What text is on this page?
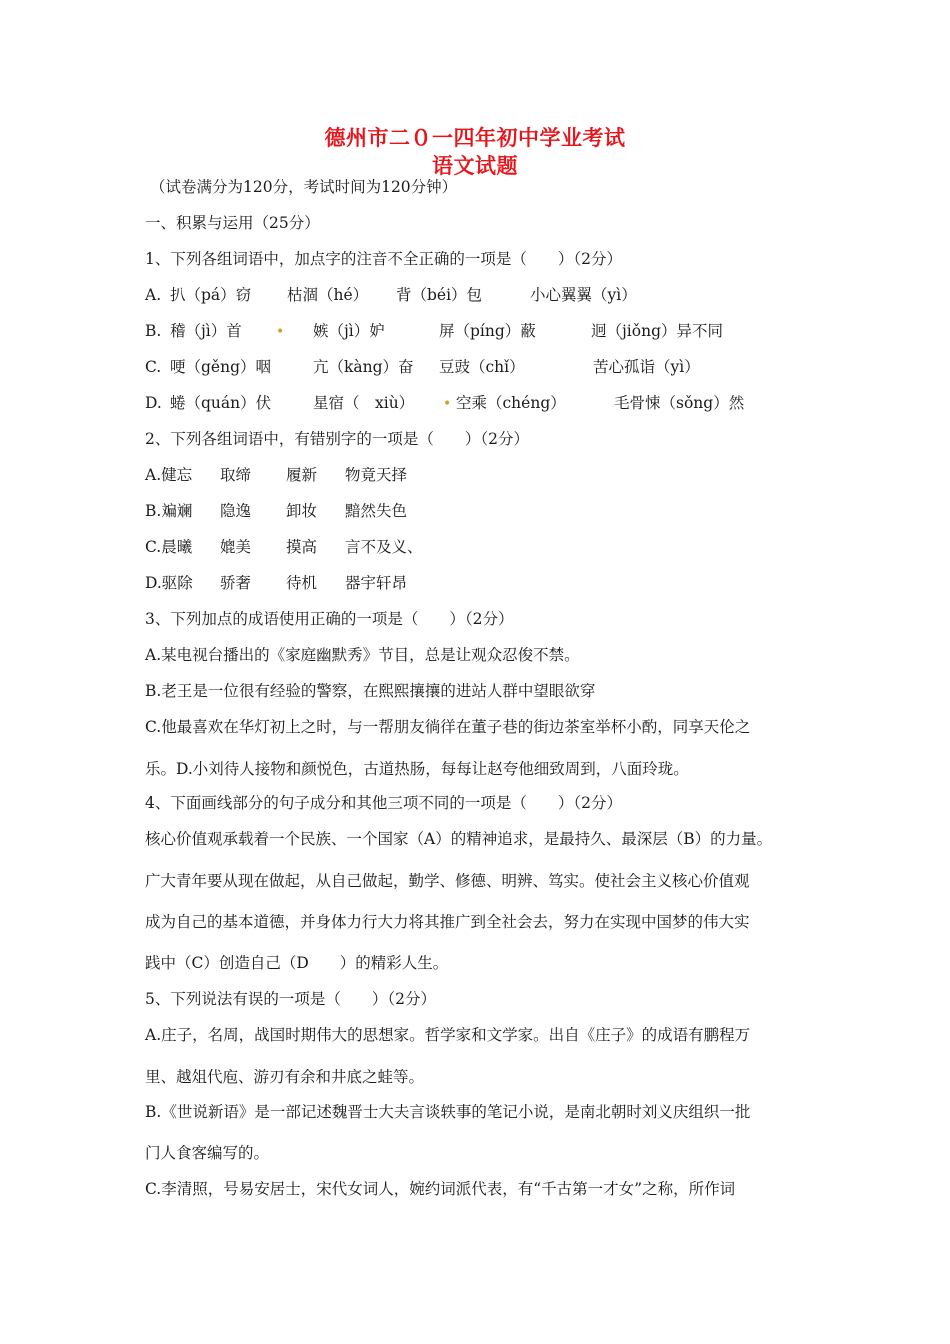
德州市二０一四年初中学业考试
语文试题
（试卷满分为120分，考试时间为120分钟）
一、积累与运用（25分）
1、下列各组词语中，加点字的注音不全正确的一项是（　　）（2分）
A. 扒（pá）窃 枯涸（hé） 背（béi）包	小心翼翼（yì）
B. 稽（jì）首 • 嫉（jì）妒	屏（píng）蔽	迥（jiǒng）异不同
C. 哽（gěng）咽	亢（kàng）奋 豆豉（chǐ）	苦心孤诣（yì）
D. 蜷（quán）伏	星宿（　xiù） • 空乘（chéng）	毛骨悚（sǒng）然
2、下列各组词语中，有错别字的一项是（　　）（2分）
A.健忘 取缔 履新 物竟天择
B.斒斓 隐逸 卸妆 黯然失色
C.晨曦 媲美 摸高 言不及义、
D.驱除 骄奢 待机 器宇轩昂
3、下列加点的成语使用正确的一项是（　　）（2分）
A.某电视台播出的《家庭幽默秀》节目，总是让观众忍俊不禁。
B.老王是一位很有经验的警察，在熙熙攘攘的进站人群中望眼欲穿
C.他最喜欢在华灯初上之时，与一帮朋友徜徉在董子巷的街边茶室举杯小酌，同享天伦之
乐。D.小刘待人接物和颜悦色，古道热肠，每每让赵夸他细致周到，八面玲珑。
4、下面画线部分的句子成分和其他三项不同的一项是（　　）（2分）
核心价值观承载着一个民族、一个国家（A）的精神追求，是最持久、最深层（B）的力量。
广大青年要从现在做起，从自己做起，勤学、修德、明辨、笃实。使社会主义核心价值观
成为自己的基本道德，并身体力行大力将其推广到全社会去，努力在实现中国梦的伟大实
践中（C）创造自己（D　　）的精彩人生。
5、下列说法有误的一项是（　　）（2分）
A.庄子，名周，战国时期伟大的思想家。哲学家和文学家。出自《庄子》的成语有鹏程万
里、越俎代庖、游刃有余和井底之蛙等。
B.《世说新语》是一部记述魏晋士大夫言谈轶事的笔记小说，是南北朝时刘义庆组织一批
门人食客编写的。
C.李清照，号易安居士，宋代女词人，婉约词派代表，有“千古第一才女”之称，所作词
